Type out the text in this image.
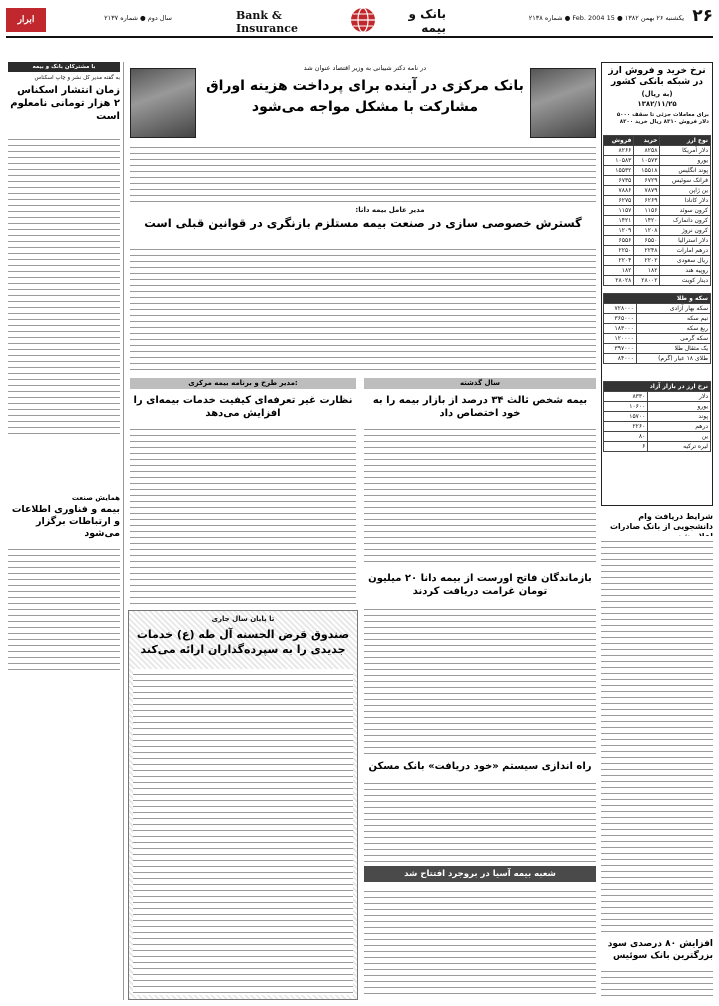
ابرار اقتصادی
سال دوم ● شماره ۲۱۳۷	Bank & Insurance
بانک و بیمه
یکشنبه ۲۶ بهمن ۱۳۸۲ ● 15 Feb. 2004 ● شماره ۲۱۳۸ ۲۶
با مشترکان بانک و بیمه
به گفته مدیر کل نشر و چاپ اسکناس
زمان انتشار اسکناس ۲ هزار تومانی نامعلوم است
همایش صنعت
بیمه و فناوری اطلاعات و ارتباطات برگزار می‌شود
نرخ خرید و فروش ارز در شبکه بانکی کشور
(به ریال)
۱۳۸۲/۱۱/۲۵
برای معاملات جزئی تا سقف ۵۰۰۰ دلار فروش ۸۳۱۰ ریال خرید ۸۲۰۰
نوع ارز	خرید	فروش
دلار آمریکا	۸۲۵۸	۸۲۶۶
یورو	۱۰۵۷۳	۱۰۵۸۳
پوند انگلیس	۱۵۵۱۸	۱۵۵۳۲
فرانک سوئیس	۶۷۲۹	۶۷۳۵
ین ژاپن	۷۸۷۹	۷۸۸۶
دلار کانادا	۶۲۶۹	۶۲۷۵
کرون سوئد	۱۱۵۶	۱۱۵۷
کرون دانمارک	۱۴۲۰	۱۴۲۱
کرون نروژ	۱۲۰۸	۱۲۰۹
دلار استرالیا	۶۵۵۰	۶۵۵۶
درهم امارات	۲۲۴۸	۲۲۵۰
ریال سعودی	۲۲۰۲	۲۲۰۴
روپیه هند	۱۸۲	۱۸۲
دینار کویت	۲۸۰۰۲	۲۸۰۲۸
سکه و طلا	
سکه بهار آزادی	۷۲۸۰۰۰
نیم سکه	۳۶۵۰۰۰
ربع سکه	۱۸۳۰۰۰
سکه گرمی	۱۲۰۰۰۰
یک مثقال طلا	۳۹۷۰۰۰
طلای ۱۸ عیار (گرم)	۸۴۰۰۰
نرخ ارز در بازار آزاد	
دلار	۸۳۳۰
یورو	۱۰۶۰۰
پوند	۱۵۷۰۰
درهم	۲۲۶۰
ین	۸۰
لیره ترکیه	۶
شرایط دریافت وام دانشجویی از بانک صادرات
افزایش ۸۰ درصدی سود بزرگترین بانک سوئیس
در نامه دکتر شیبانی به وزیر اقتصاد عنوان شد
بانک مرکزی در آینده برای پرداخت هزینه اوراق مشارکت با مشکل مواجه می‌شود
مدیر عامل بیمه دانا:
گسترش خصوصی سازی در صنعت بیمه مستلزم بازنگری در قوانین قبلی است
مدیر طرح و برنامه بیمه مرکزی:	سال گذشته
نظارت غیر تعرفه‌ای کیفیت خدمات بیمه‌ای را افزایش می‌دهد
بیمه شخص ثالث ۳۴ درصد از بازار بیمه را به خود اختصاص داد
بازماندگان فاتح اورست از بیمه دانا ۲۰ میلیون تومان غرامت دریافت کردند
تا پایان سال جاری
صندوق قرض الحسنه آل طه (ع) خدمات جدیدی را به سپرده‌گذاران ارائه می‌کند
راه اندازی سیستم «خود دریافت» بانک مسکن
شعبه بیمه آسیا در بروجرد افتتاح شد
